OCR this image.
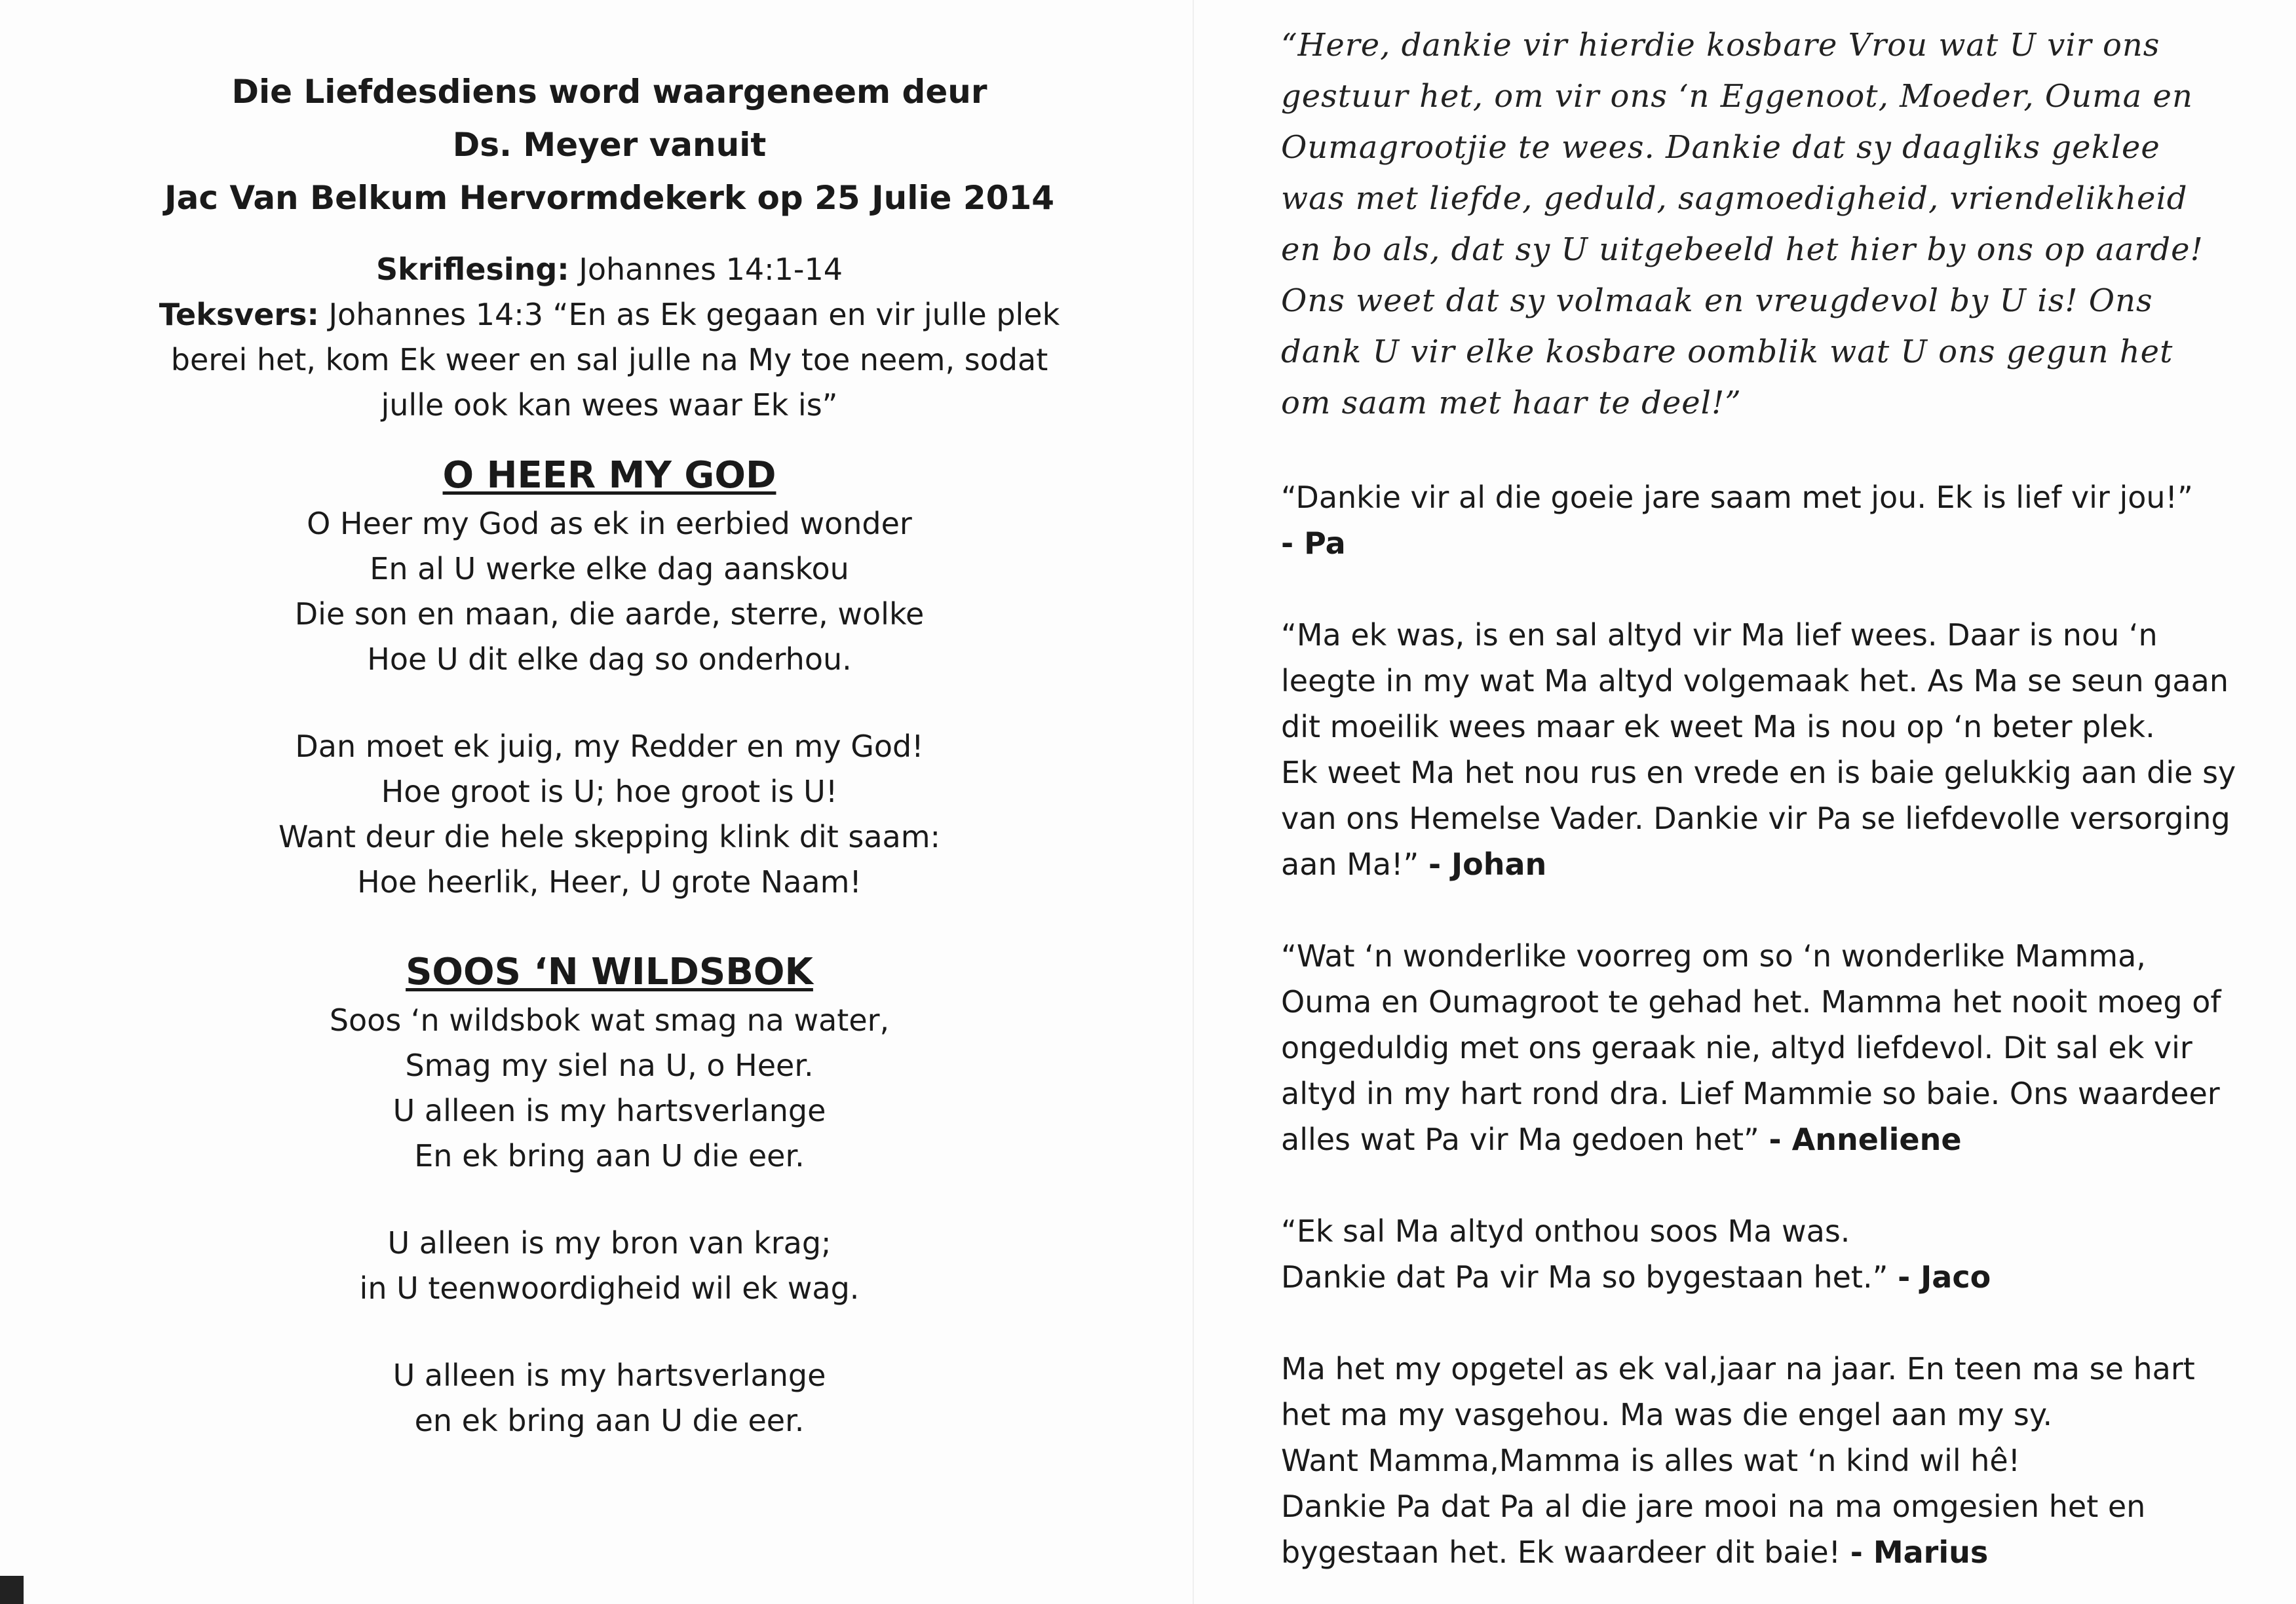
Die Liefdesdiens word waargeneem deur
Ds. Meyer vanuit
Jac Van Belkum Hervormdekerk op 25 Julie 2014
Skriflesing: Johannes 14:1-14
Teksvers: Johannes 14:3 “En as Ek gegaan en vir julle plek
berei het, kom Ek weer en sal julle na My toe neem, sodat
julle ook kan wees waar Ek is”
O HEER MY GOD
O Heer my God as ek in eerbied wonder
En al U werke elke dag aanskou
Die son en maan, die aarde, sterre, wolke
Hoe U dit elke dag so onderhou.
Dan moet ek juig, my Redder en my God!
Hoe groot is U; hoe groot is U!
Want deur die hele skepping klink dit saam:
Hoe heerlik, Heer, U grote Naam!
SOOS ‘N WILDSBOK
Soos ‘n wildsbok wat smag na water,
Smag my siel na U, o Heer.
U alleen is my hartsverlange
En ek bring aan U die eer.
U alleen is my bron van krag;
in U teenwoordigheid wil ek wag.
U alleen is my hartsverlange
en ek bring aan U die eer.
“Here, dankie vir hierdie kosbare Vrou wat U vir ons
gestuur het, om vir ons ‘n Eggenoot, Moeder, Ouma en
Oumagrootjie te wees. Dankie dat sy daagliks geklee
was met liefde, geduld, sagmoedigheid, vriendelikheid
en bo als, dat sy U uitgebeeld het hier by ons op aarde!
Ons weet dat sy volmaak en vreugdevol by U is! Ons
dank U vir elke kosbare oomblik wat U ons gegun het
om saam met haar te deel!”
“Dankie vir al die goeie jare saam met jou. Ek is lief vir jou!”
- Pa
“Ma ek was, is en sal altyd vir Ma lief wees. Daar is nou ‘n
leegte in my wat Ma altyd volgemaak het. As Ma se seun gaan
dit moeilik wees maar ek weet Ma is nou op ‘n beter plek.
Ek weet Ma het nou rus en vrede en is baie gelukkig aan die sy
van ons Hemelse Vader. Dankie vir Pa se liefdevolle versorging
aan Ma!” - Johan
“Wat ‘n wonderlike voorreg om so ‘n wonderlike Mamma,
Ouma en Oumagroot te gehad het. Mamma het nooit moeg of
ongeduldig met ons geraak nie, altyd liefdevol. Dit sal ek vir
altyd in my hart rond dra. Lief Mammie so baie. Ons waardeer
alles wat Pa vir Ma gedoen het” - Anneliene
“Ek sal Ma altyd onthou soos Ma was.
Dankie dat Pa vir Ma so bygestaan het.” - Jaco
Ma het my opgetel as ek val,jaar na jaar. En teen ma se hart
het ma my vasgehou. Ma was die engel aan my sy.
Want Mamma,Mamma is alles wat ‘n kind wil hê!
Dankie Pa dat Pa al die jare mooi na ma omgesien het en
bygestaan het. Ek waardeer dit baie! - Marius
